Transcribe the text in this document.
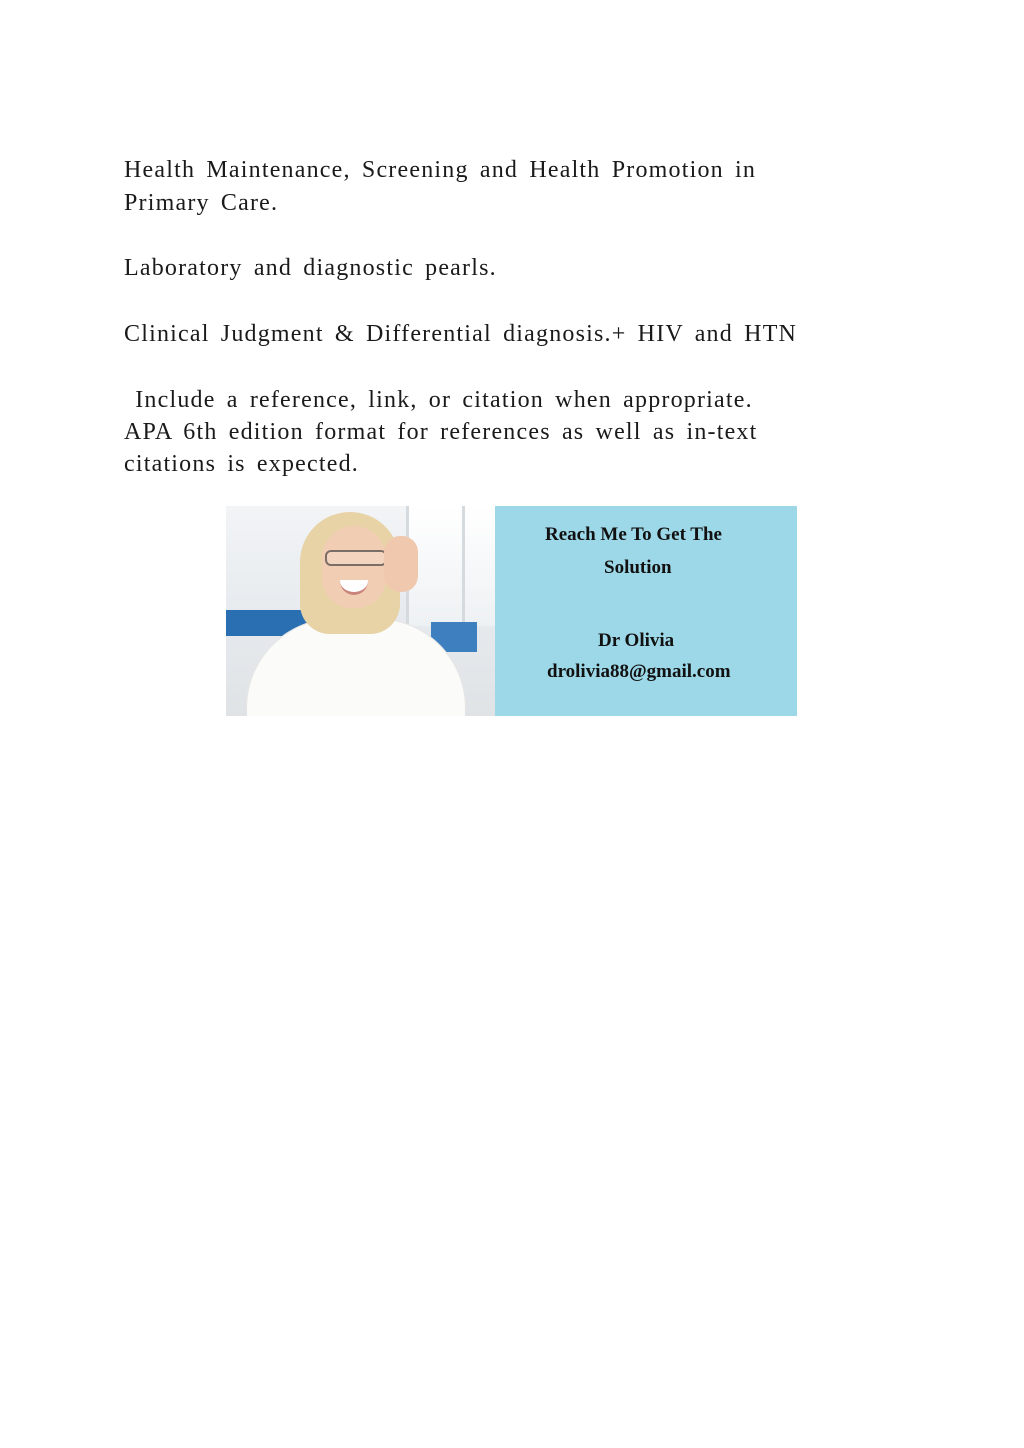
Health Maintenance, Screening and Health Promotion in
Primary Care.
Laboratory and diagnostic pearls.
Clinical Judgment & Differential diagnosis.+ HIV and HTN
Include a reference, link, or citation when appropriate.
APA 6th edition format for references as well as in-text
citations is expected.
Reach Me To Get The
Solution
Dr Olivia
drolivia88@gmail.com
